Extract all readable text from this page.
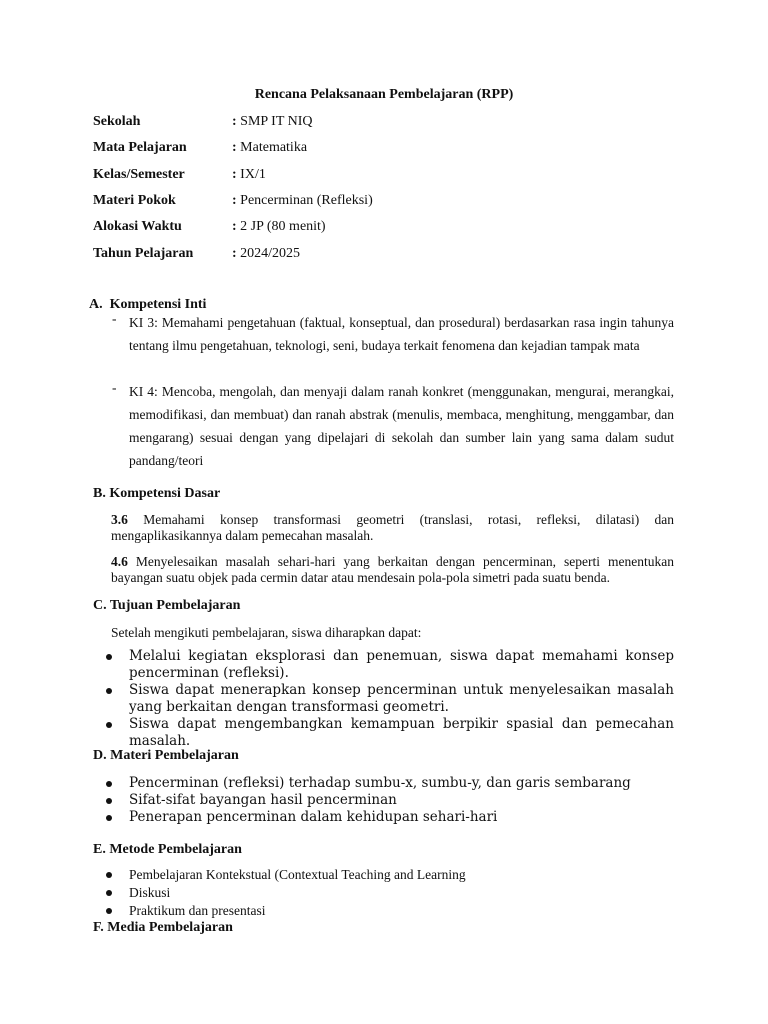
Rencana Pelaksanaan Pembelajaran (RPP)
Sekolah	: SMP IT NIQ
Mata Pelajaran	: Matematika
Kelas/Semester	: IX/1
Materi Pokok	: Pencerminan (Refleksi)
Alokasi Waktu	: 2 JP (80 menit)
Tahun Pelajaran	: 2024/2025
A.  Kompetensi Inti
- KI 3: Memahami pengetahuan (faktual, konseptual, dan prosedural) berdasarkan rasa ingin tahunya tentang ilmu pengetahuan, teknologi, seni, budaya terkait fenomena dan kejadian tampak mata
- KI 4: Mencoba, mengolah, dan menyaji dalam ranah konkret (menggunakan, mengurai, merangkai, memodifikasi, dan membuat) dan ranah abstrak (menulis, membaca, menghitung, menggambar, dan mengarang) sesuai dengan yang dipelajari di sekolah dan sumber lain yang sama dalam sudut pandang/teori
B. Kompetensi Dasar
3.6 Memahami konsep transformasi geometri (translasi, rotasi, refleksi, dilatasi) dan mengaplikasikannya dalam pemecahan masalah.
4.6 Menyelesaikan masalah sehari-hari yang berkaitan dengan pencerminan, seperti menentukan bayangan suatu objek pada cermin datar atau mendesain pola-pola simetri pada suatu benda.
C. Tujuan Pembelajaran
Setelah mengikuti pembelajaran, siswa diharapkan dapat:
Melalui kegiatan eksplorasi dan penemuan, siswa dapat memahami konsep pencerminan (refleksi).
Siswa dapat menerapkan konsep pencerminan untuk menyelesaikan masalah yang berkaitan dengan transformasi geometri.
Siswa dapat mengembangkan kemampuan berpikir spasial dan pemecahan masalah.
D. Materi Pembelajaran
Pencerminan (refleksi) terhadap sumbu-x, sumbu-y, dan garis sembarang
Sifat-sifat bayangan hasil pencerminan
Penerapan pencerminan dalam kehidupan sehari-hari
E. Metode Pembelajaran
Pembelajaran Kontekstual (Contextual Teaching and Learning
Diskusi
Praktikum dan presentasi
F. Media Pembelajaran
